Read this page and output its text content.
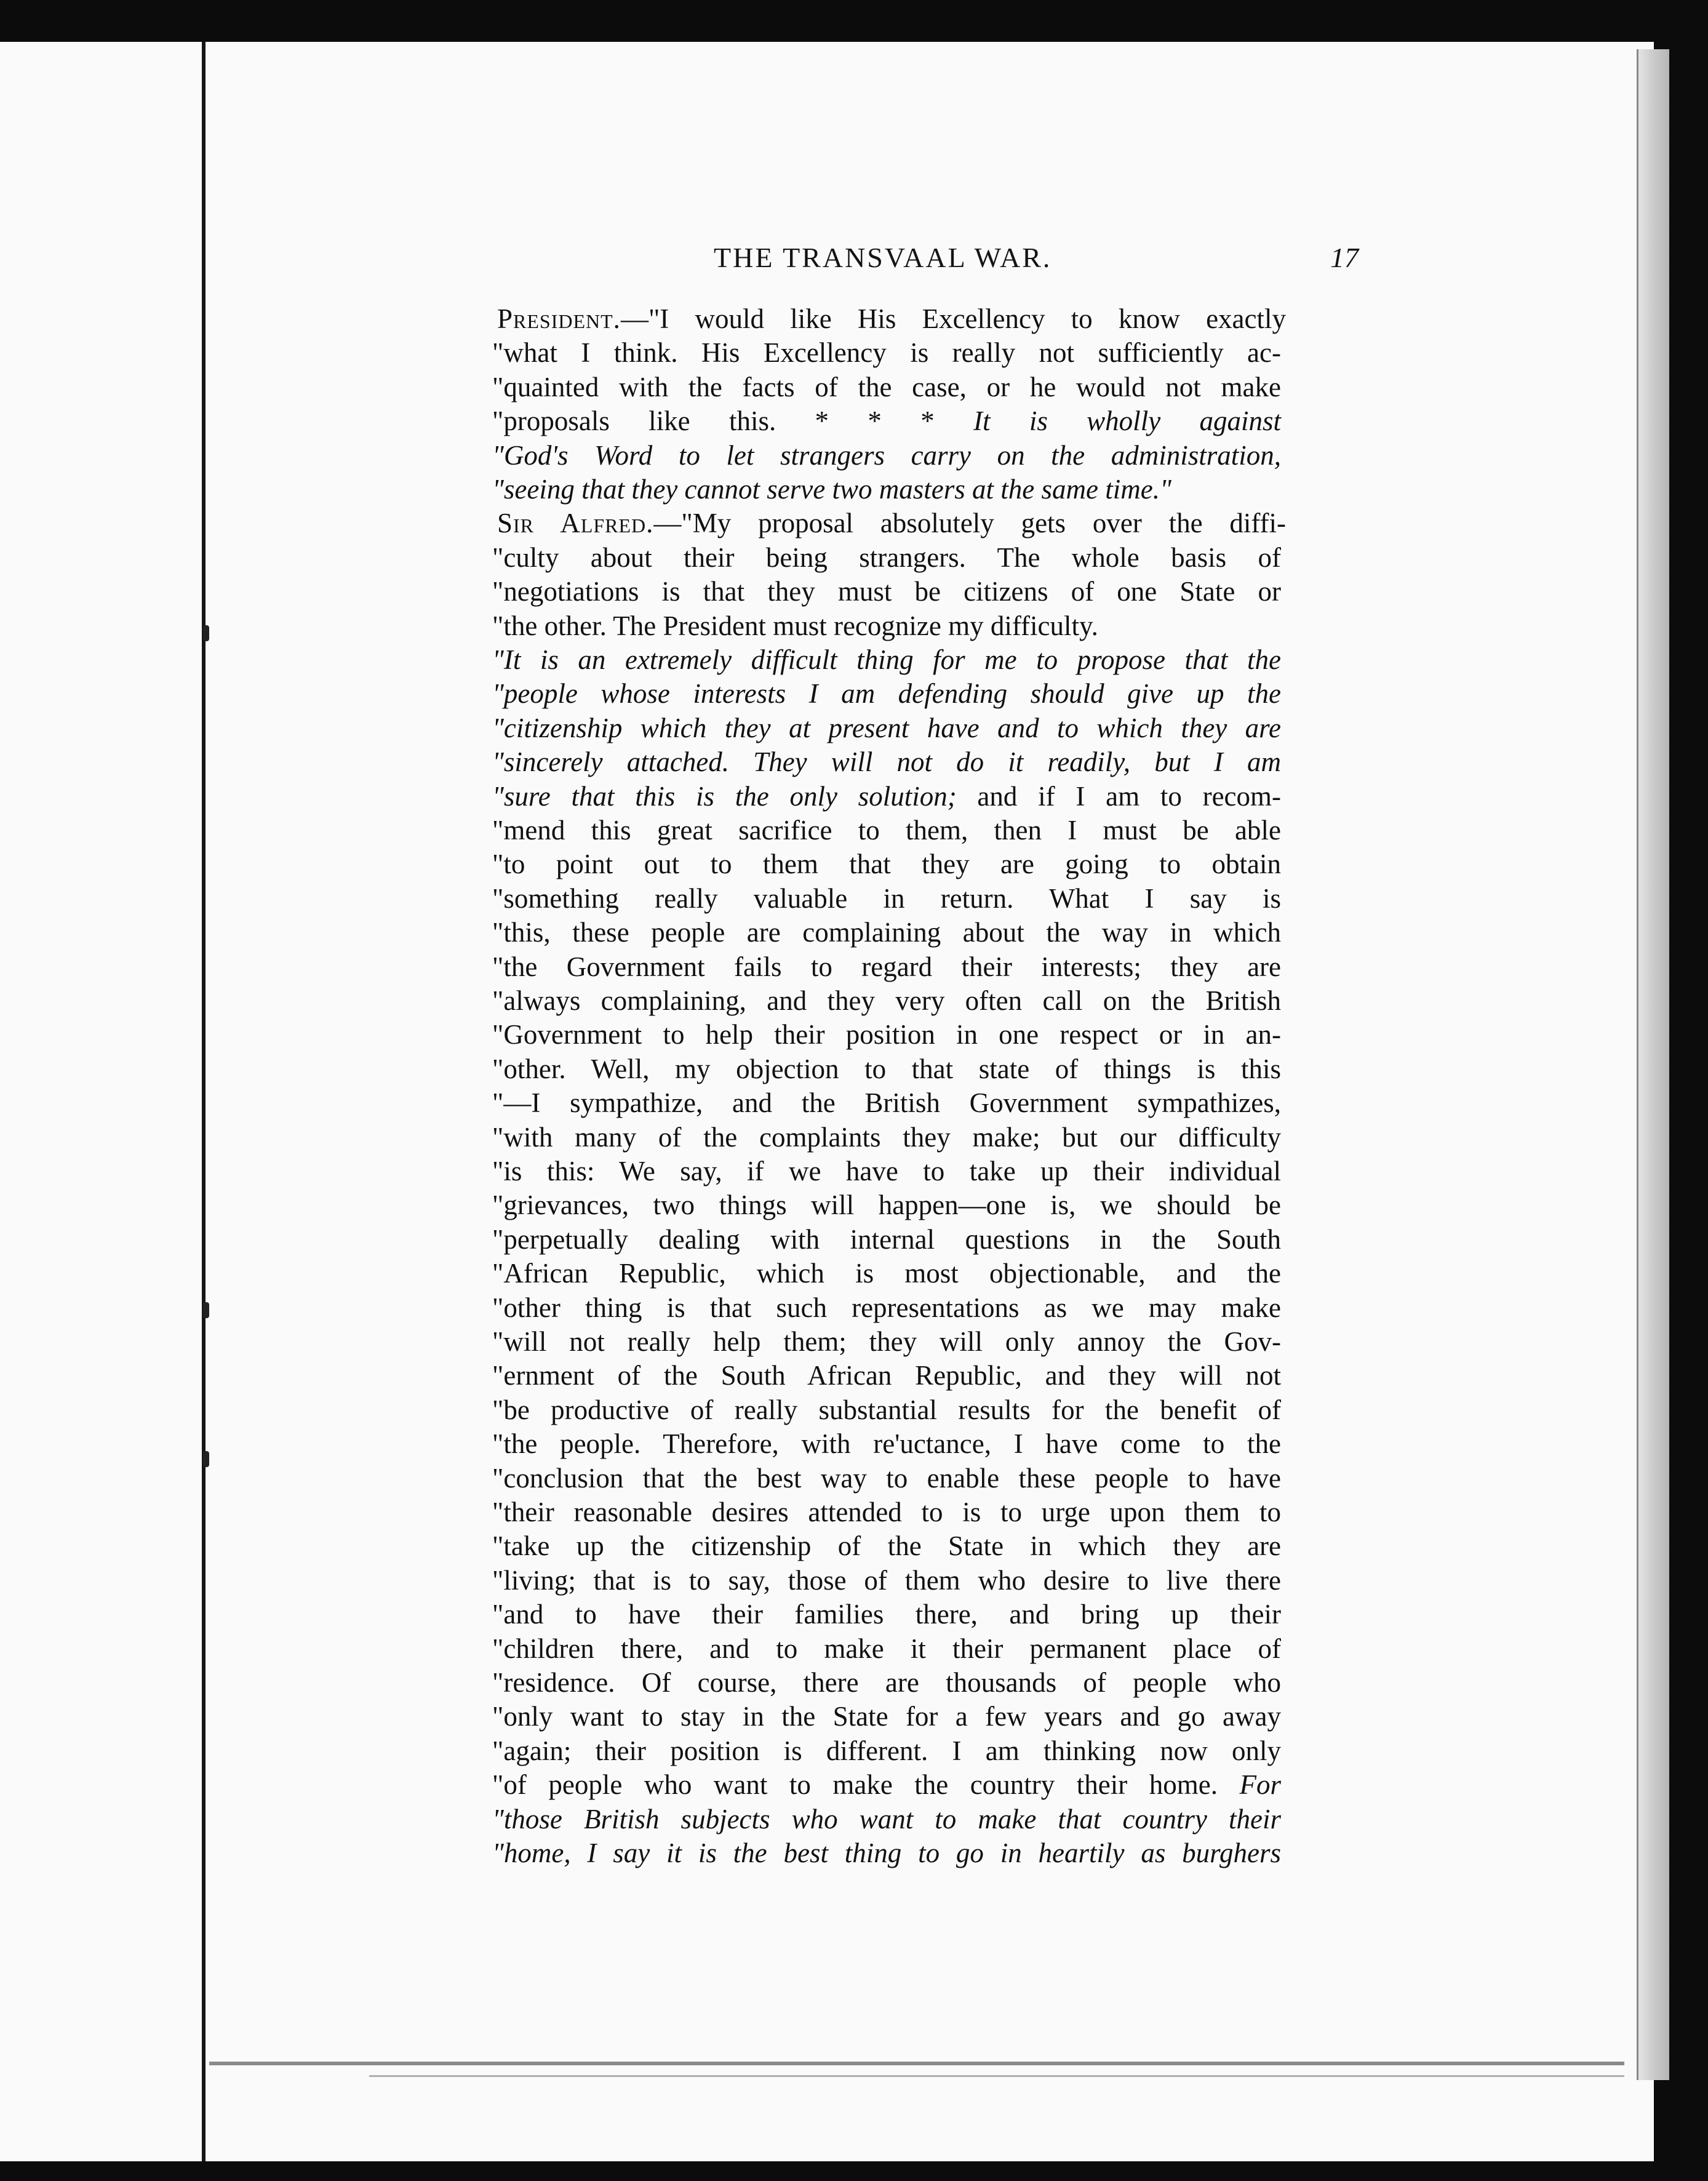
THE TRANSVAAL WAR.	17
President.—"I would like His Excellency to know exactly
"what I think. His Excellency is really not sufficiently ac-
"quainted with the facts of the case, or he would not make
"proposals like this. * * * It is wholly against
"God's Word to let strangers carry on the administration,
"seeing that they cannot serve two masters at the same time."
Sir Alfred.—"My proposal absolutely gets over the diffi-
"culty about their being strangers. The whole basis of
"negotiations is that they must be citizens of one State or
"the other. The President must recognize my difficulty.
"It is an extremely difficult thing for me to propose that the
"people whose interests I am defending should give up the
"citizenship which they at present have and to which they are
"sincerely attached. They will not do it readily, but I am
"sure that this is the only solution; and if I am to recom-
"mend this great sacrifice to them, then I must be able
"to point out to them that they are going to obtain
"something really valuable in return. What I say is
"this, these people are complaining about the way in which
"the Government fails to regard their interests; they are
"always complaining, and they very often call on the British
"Government to help their position in one respect or in an-
"other. Well, my objection to that state of things is this
"—I sympathize, and the British Government sympathizes,
"with many of the complaints they make; but our difficulty
"is this: We say, if we have to take up their individual
"grievances, two things will happen—one is, we should be
"perpetually dealing with internal questions in the South
"African Republic, which is most objectionable, and the
"other thing is that such representations as we may make
"will not really help them; they will only annoy the Gov-
"ernment of the South African Republic, and they will not
"be productive of really substantial results for the benefit of
"the people. Therefore, with re'uctance, I have come to the
"conclusion that the best way to enable these people to have
"their reasonable desires attended to is to urge upon them to
"take up the citizenship of the State in which they are
"living; that is to say, those of them who desire to live there
"and to have their families there, and bring up their
"children there, and to make it their permanent place of
"residence. Of course, there are thousands of people who
"only want to stay in the State for a few years and go away
"again; their position is different. I am thinking now only
"of people who want to make the country their home. For
"those British subjects who want to make that country their
"home, I say it is the best thing to go in heartily as burghers
